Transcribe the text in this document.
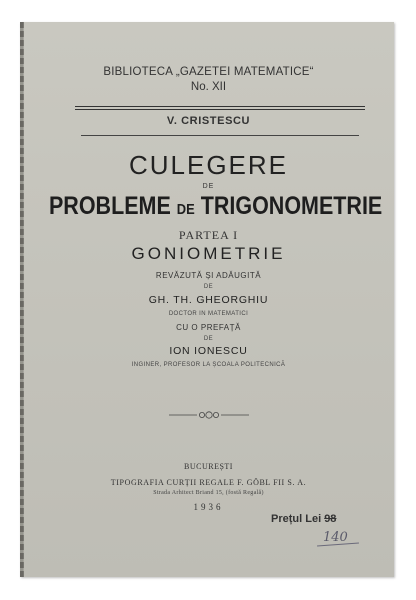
BIBLIOTECA „GAZETEI MATEMATICE“
No. XII
V. CRISTESCU
CULEGERE
DE
PROBLEME DE TRIGONOMETRIE
PARTEA I
GONIOMETRIE
REVĂZUTĂ ȘI ADĂUGITĂ
DE
GH. TH. GHEORGHIU
DOCTOR IN MATEMATICI
CU O PREFAȚĂ
DE
ION IONESCU
INGINER, PROFESOR LA ȘCOALA POLITECNICĂ
BUCUREȘTI
TIPOGRAFIA CURȚII REGALE F. GÖBL FII S. A.
Strada Arhitect Briand 15, (fostă Regală)
1936
Prețul Lei 98
140
